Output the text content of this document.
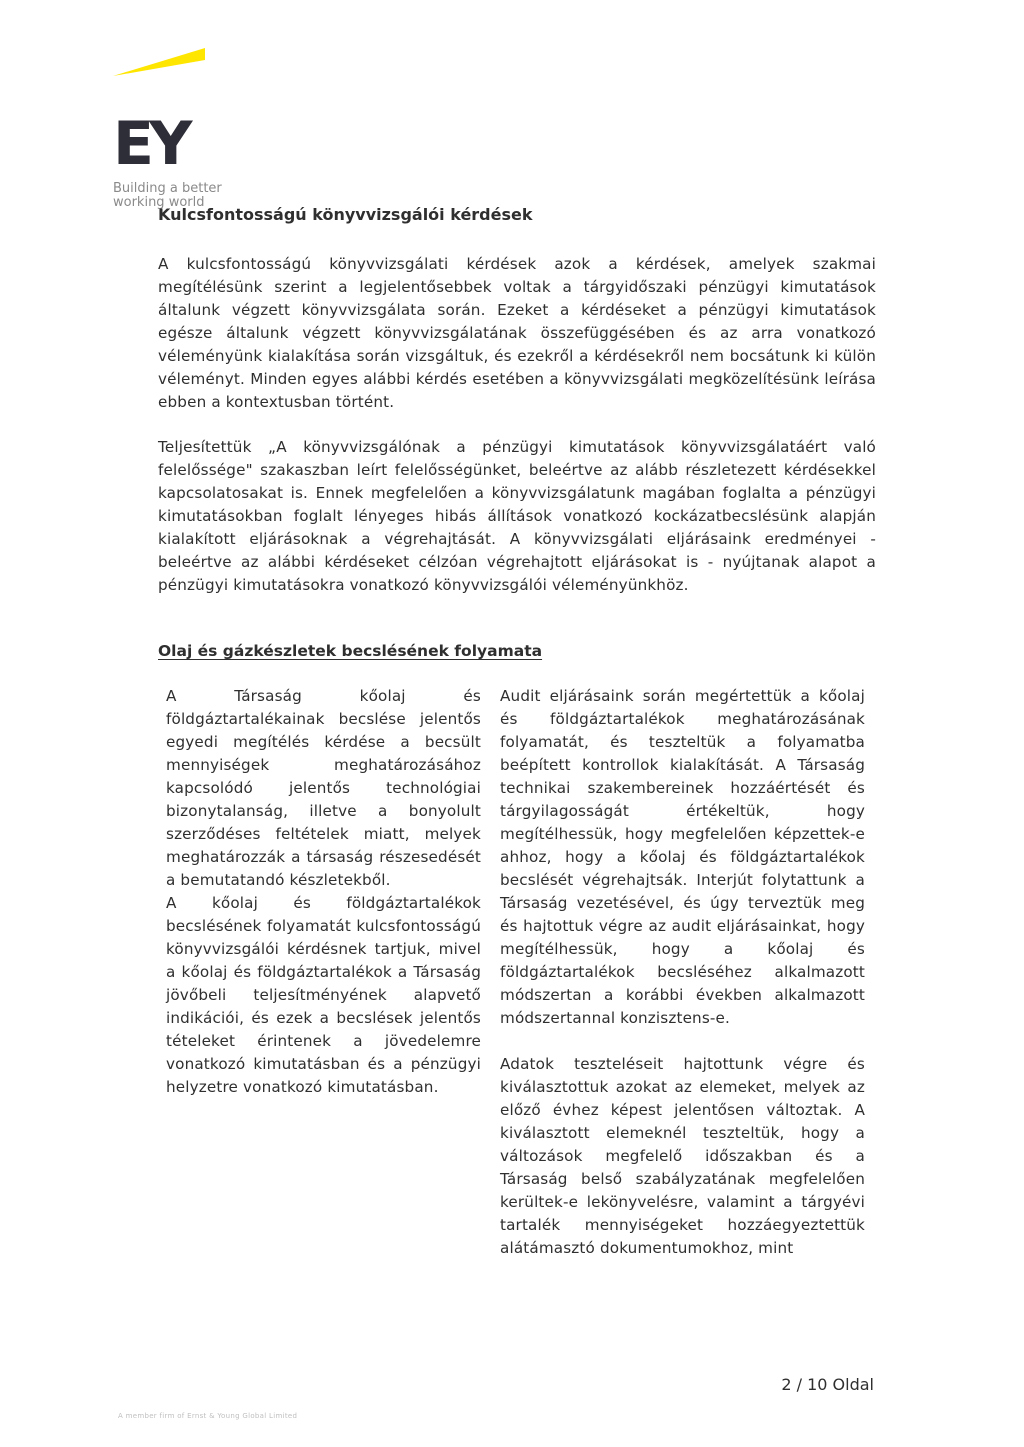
EY
Building a better
working world
Kulcsfontosságú könyvvizsgálói kérdések

A kulcsfontosságú könyvvizsgálati kérdések azok a kérdések, amelyek szakmai megítélésünk szerint a legjelentősebbek voltak a tárgyidőszaki pénzügyi kimutatások általunk végzett könyvvizsgálata során. Ezeket a kérdéseket a pénzügyi kimutatások egésze általunk végzett könyvvizsgálatának összefüggésében és az arra vonatkozó véleményünk kialakítása során vizsgáltuk, és ezekről a kérdésekről nem bocsátunk ki külön véleményt. Minden egyes alábbi kérdés esetében a könyvvizsgálati megközelítésünk leírása ebben a kontextusban történt.

Teljesítettük „A könyvvizsgálónak a pénzügyi kimutatások könyvvizsgálatáért való felelőssége" szakaszban leírt felelősségünket, beleértve az alább részletezett kérdésekkel kapcsolatosakat is. Ennek megfelelően a könyvvizsgálatunk magában foglalta a pénzügyi kimutatásokban foglalt lényeges hibás állítások vonatkozó kockázatbecslésünk alapján kialakított eljárásoknak a végrehajtását. A könyvvizsgálati eljárásaink eredményei - beleértve az alábbi kérdéseket célzóan végrehajtott eljárásokat is - nyújtanak alapot a pénzügyi kimutatásokra vonatkozó könyvvizsgálói véleményünkhöz.

Olaj és gázkészletek becslésének folyamata

A Társaság kőolaj és földgáztartalékainak becslése jelentős egyedi megítélés kérdése a becsült mennyiségek meghatározásához kapcsolódó jelentős technológiai bizonytalanság, illetve a bonyolult szerződéses feltételek miatt, melyek meghatározzák a társaság részesedését a bemutatandó készletekből.

A kőolaj és földgáztartalékok becslésének folyamatát kulcsfontosságú könyvvizsgálói kérdésnek tartjuk, mivel a kőolaj és földgáztartalékok a Társaság jövőbeli teljesítményének alapvető indikációi, és ezek a becslések jelentős tételeket érintenek a jövedelemre vonatkozó kimutatásban és a pénzügyi helyzetre vonatkozó kimutatásban.

Audit eljárásaink során megértettük a kőolaj és földgáztartalékok meghatározásának folyamatát, és teszteltük a folyamatba beépített kontrollok kialakítását. A Társaság technikai szakembereinek hozzáértését és tárgyilagosságát értékeltük, hogy megítélhessük, hogy megfelelően képzettek-e ahhoz, hogy a kőolaj és földgáztartalékok becslését végrehajtsák. Interjút folytattunk a Társaság vezetésével, és úgy terveztük meg és hajtottuk végre az audit eljárásainkat, hogy megítélhessük, hogy a kőolaj és földgáztartalékok becsléséhez alkalmazott módszertan a korábbi években alkalmazott módszertannal konzisztens-e.

Adatok teszteléseit hajtottunk végre és kiválasztottuk azokat az elemeket, melyek az előző évhez képest jelentősen változtak. A kiválasztott elemeknél teszteltük, hogy a változások megfelelő időszakban és a Társaság belső szabályzatának megfelelően kerültek-e lekönyvelésre, valamint a tárgyévi tartalék mennyiségeket hozzáegyeztettük alátámasztó dokumentumokhoz, mint

2 / 10 Oldal
A member firm of Ernst & Young Global Limited
